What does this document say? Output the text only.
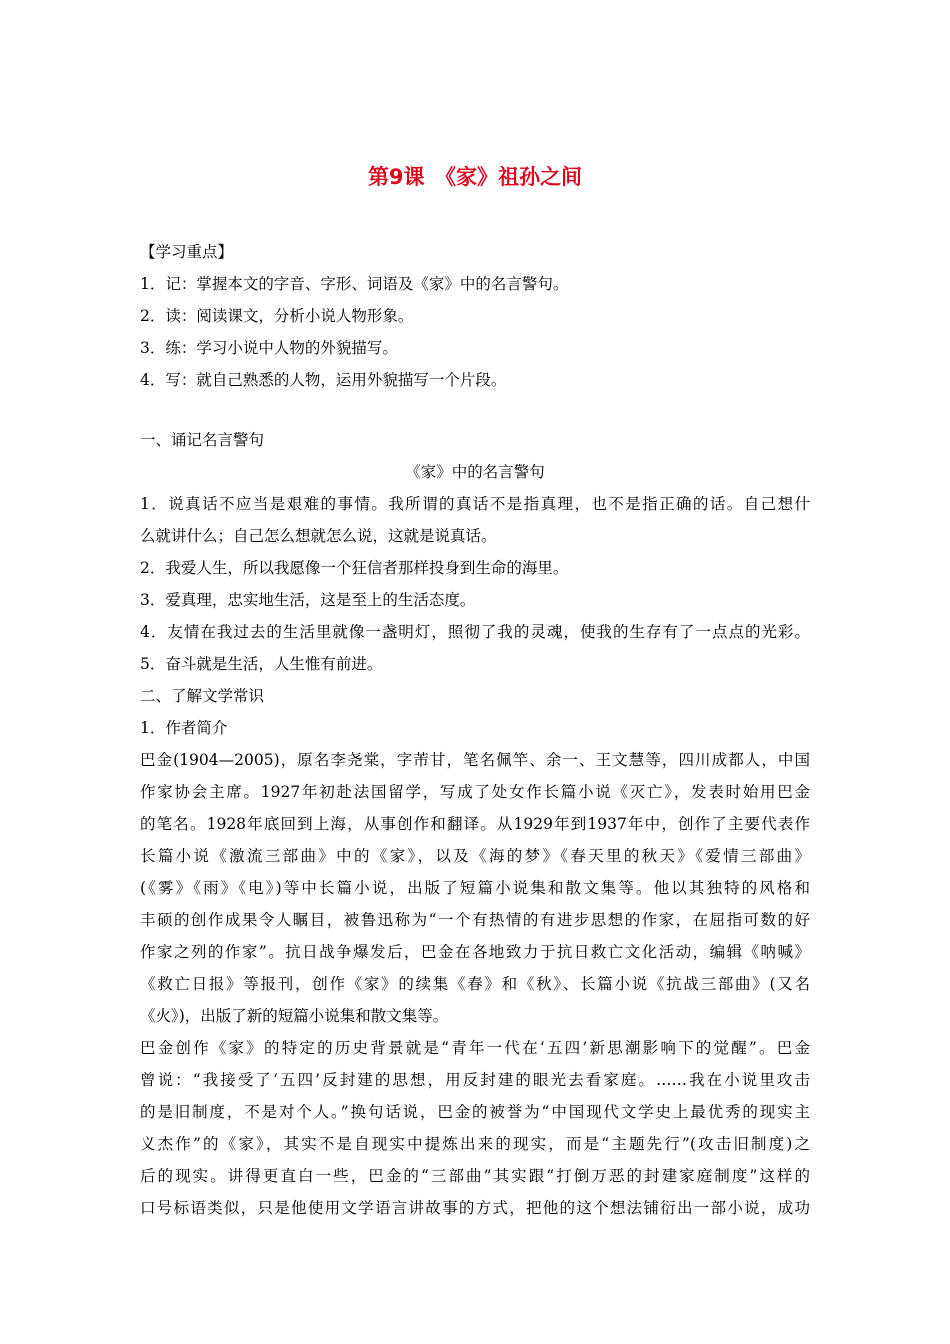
第9课　《家》祖孙之间
【学习重点】
1．记：掌握本文的字音、字形、词语及《家》中的名言警句。
2．读：阅读课文，分析小说人物形象。
3．练：学习小说中人物的外貌描写。
4．写：就自己熟悉的人物，运用外貌描写一个片段。
一、诵记名言警句
《家》中的名言警句
1．说真话不应当是艰难的事情。我所谓的真话不是指真理，也不是指正确的话。自己想什
么就讲什么；自己怎么想就怎么说，这就是说真话。
2．我爱人生，所以我愿像一个狂信者那样投身到生命的海里。
3．爱真理，忠实地生活，这是至上的生活态度。
4．友情在我过去的生活里就像一盏明灯，照彻了我的灵魂，使我的生存有了一点点的光彩。
5．奋斗就是生活，人生惟有前进。
二、了解文学常识
1．作者简介
巴金(1904—2005)，原名李尧棠，字芾甘，笔名佩竿、余一、王文慧等，四川成都人，中国
作家协会主席。1927年初赴法国留学，写成了处女作长篇小说《灭亡》，发表时始用巴金
的笔名。1928年底回到上海，从事创作和翻译。从1929年到1937年中，创作了主要代表作
长篇小说《激流三部曲》中的《家》，以及《海的梦》《春天里的秋天》《爱情三部曲》
(《雾》《雨》《电》)等中长篇小说，出版了短篇小说集和散文集等。他以其独特的风格和
丰硕的创作成果令人瞩目，被鲁迅称为“一个有热情的有进步思想的作家，在屈指可数的好
作家之列的作家”。抗日战争爆发后，巴金在各地致力于抗日救亡文化活动，编辑《呐喊》
《救亡日报》等报刊，创作《家》的续集《春》和《秋》、长篇小说《抗战三部曲》(又名
《火》)，出版了新的短篇小说集和散文集等。
巴金创作《家》的特定的历史背景就是“青年一代在‘五四’新思潮影响下的觉醒”。巴金
曾说：“我接受了‘五四’反封建的思想，用反封建的眼光去看家庭。……我在小说里攻击
的是旧制度，不是对个人。”换句话说，巴金的被誉为“中国现代文学史上最优秀的现实主
义杰作”的《家》，其实不是自现实中提炼出来的现实，而是“主题先行”(攻击旧制度)之
后的现实。讲得更直白一些，巴金的“三部曲”其实跟“打倒万恶的封建家庭制度”这样的
口号标语类似，只是他使用文学语言讲故事的方式，把他的这个想法铺衍出一部小说，成功
